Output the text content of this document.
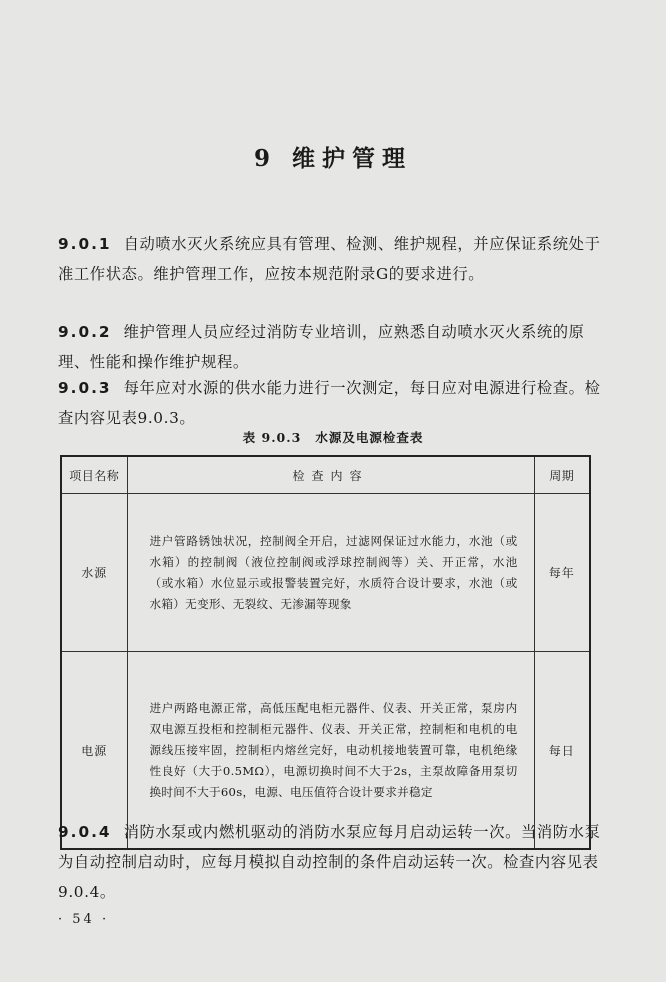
9 维护管理

9.0.1 自动喷水灭火系统应具有管理、检测、维护规程，并应保证系统处于准工作状态。维护管理工作，应按本规范附录G的要求进行。

9.0.2 维护管理人员应经过消防专业培训，应熟悉自动喷水灭火系统的原理、性能和操作维护规程。

9.0.3 每年应对水源的供水能力进行一次测定，每日应对电源进行检查。检查内容见表9.0.3。

表 9.0.3 水源及电源检查表

项目名称	检查内容	周期
水源	进户管路锈蚀状况，控制阀全开启，过滤网保证过水能力，水池（或水箱）的控制阀（液位控制阀或浮球控制阀等）关、开正常，水池（或水箱）水位显示或报警装置完好，水质符合设计要求，水池（或水箱）无变形、无裂纹、无渗漏等现象	每年
电源	进户两路电源正常，高低压配电柜元器件、仪表、开关正常，泵房内双电源互投柜和控制柜元器件、仪表、开关正常，控制柜和电机的电源线压接牢固，控制柜内熔丝完好，电动机接地装置可靠，电机绝缘性良好（大于0.5MΩ），电源切换时间不大于2s，主泵故障备用泵切换时间不大于60s，电源、电压值符合设计要求并稳定	每日

9.0.4 消防水泵或内燃机驱动的消防水泵应每月启动运转一次。当消防水泵为自动控制启动时，应每月模拟自动控制的条件启动运转一次。检查内容见表9.0.4。

· 54 ·
